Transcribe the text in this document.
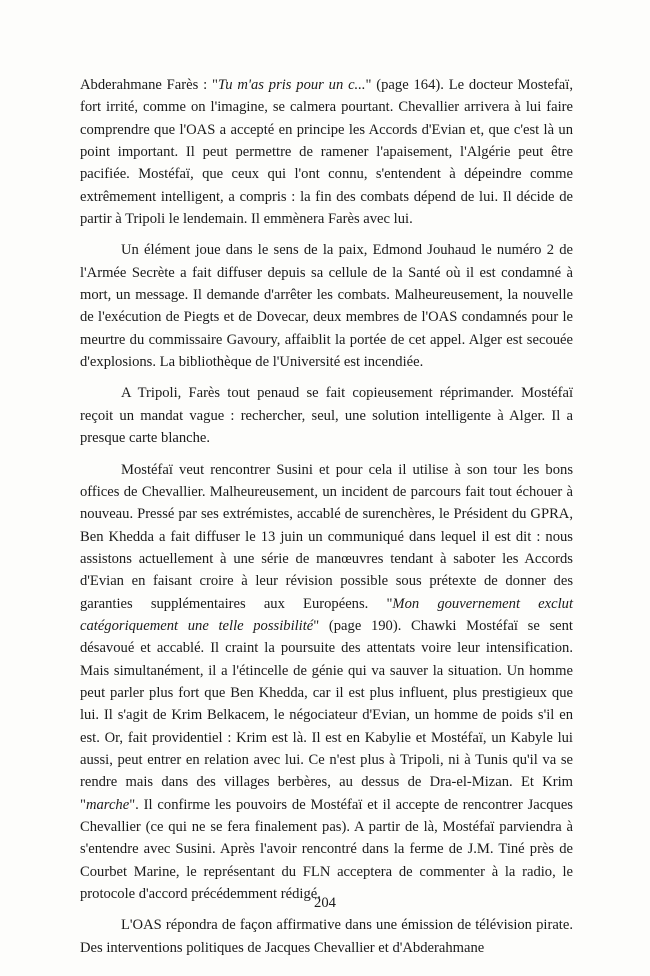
Abderahmane Farès : "Tu m'as pris pour un c..." (page 164). Le docteur Mostefaï, fort irrité, comme on l'imagine, se calmera pourtant. Chevallier arrivera à lui faire comprendre que l'OAS a accepté en principe les Accords d'Evian et, que c'est là un point important. Il peut permettre de ramener l'apaisement, l'Algérie peut être pacifiée. Mostéfaï, que ceux qui l'ont connu, s'entendent à dépeindre comme extrêmement intelligent, a compris : la fin des combats dépend de lui. Il décide de partir à Tripoli le lendemain. Il emmènera Farès avec lui.

Un élément joue dans le sens de la paix, Edmond Jouhaud le numéro 2 de l'Armée Secrète a fait diffuser depuis sa cellule de la Santé où il est condamné à mort, un message. Il demande d'arrêter les combats. Malheureusement, la nouvelle de l'exécution de Piegts et de Dovecar, deux membres de l'OAS condamnés pour le meurtre du commissaire Gavoury, affaiblit la portée de cet appel. Alger est secouée d'explosions. La bibliothèque de l'Université est incendiée.

A Tripoli, Farès tout penaud se fait copieusement réprimander. Mostéfaï reçoit un mandat vague : rechercher, seul, une solution intelligente à Alger. Il a presque carte blanche.

Mostéfaï veut rencontrer Susini et pour cela il utilise à son tour les bons offices de Chevallier. Malheureusement, un incident de parcours fait tout échouer à nouveau. Pressé par ses extrémistes, accablé de surenchères, le Président du GPRA, Ben Khedda a fait diffuser le 13 juin un communiqué dans lequel il est dit : nous assistons actuellement à une série de manœuvres tendant à saboter les Accords d'Evian en faisant croire à leur révision possible sous prétexte de donner des garanties supplémentaires aux Européens. "Mon gouvernement exclut catégoriquement une telle possibilité" (page 190). Chawki Mostéfaï se sent désavoué et accablé. Il craint la poursuite des attentats voire leur intensification. Mais simultanément, il a l'étincelle de génie qui va sauver la situation. Un homme peut parler plus fort que Ben Khedda, car il est plus influent, plus prestigieux que lui. Il s'agit de Krim Belkacem, le négociateur d'Evian, un homme de poids s'il en est. Or, fait providentiel : Krim est là. Il est en Kabylie et Mostéfaï, un Kabyle lui aussi, peut entrer en relation avec lui. Ce n'est plus à Tripoli, ni à Tunis qu'il va se rendre mais dans des villages berbères, au dessus de Dra-el-Mizan. Et Krim "marche". Il confirme les pouvoirs de Mostéfaï et il accepte de rencontrer Jacques Chevallier (ce qui ne se fera finalement pas). A partir de là, Mostéfaï parviendra à s'entendre avec Susini. Après l'avoir rencontré dans la ferme de J.M. Tiné près de Courbet Marine, le représentant du FLN acceptera de commenter à la radio, le protocole d'accord précédemment rédigé.

L'OAS répondra de façon affirmative dans une émission de télévision pirate. Des interventions politiques de Jacques Chevallier et d'Abderahmane

204
